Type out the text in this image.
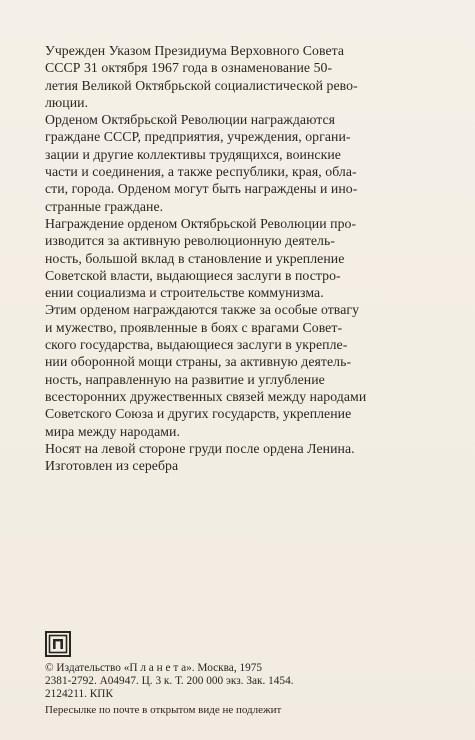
Учрежден Указом Президиума Верховного Совета
СССР 31 октября 1967 года в ознаменование 50-
летия Великой Октябрьской социалистической рево-
люции.

Орденом Октябрьской Революции награждаются
граждане СССР, предприятия, учреждения, органи-
зации и другие коллективы трудящихся, воинские
части и соединения, а также республики, края, обла-
сти, города. Орденом могут быть награждены и ино-
странные граждане.

Награждение орденом Октябрьской Революции про-
изводится за активную революционную деятель-
ность, большой вклад в становление и укрепление
Советской власти, выдающиеся заслуги в постро-
ении социализма и строительстве коммунизма.

Этим орденом награждаются также за особые отвагу
и мужество, проявленные в боях с врагами Совет-
ского государства, выдающиеся заслуги в укрепле-
нии оборонной мощи страны, за активную деятель-
ность, направленную на развитие и углубление
всесторонних дружественных связей между народами
Советского Союза и других государств, укрепление
мира между народами.

Носят на левой стороне груди после ордена Ленина.

Изготовлен из серебра

© Издательство «П л а н е т а». Москва, 1975
2381-2792. А04947. Ц. 3 к. Т. 200 000 экз. Зак. 1454.
2124211. КПК
Пересылке по почте в открытом виде не подлежит
